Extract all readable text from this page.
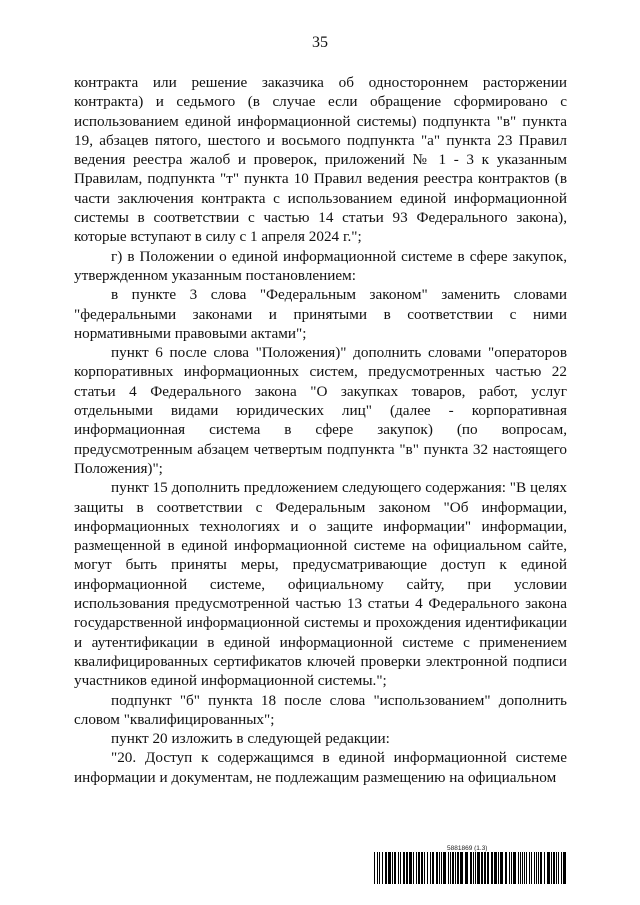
35

контракта или решение заказчика об одностороннем расторжении контракта) и седьмого (в случае если обращение сформировано с использованием единой информационной системы) подпункта "в" пункта 19, абзацев пятого, шестого и восьмого подпункта "а" пункта 23 Правил ведения реестра жалоб и проверок, приложений № 1 - 3 к указанным Правилам, подпункта "т" пункта 10 Правил ведения реестра контрактов (в части заключения контракта с использованием единой информационной системы в соответствии с частью 14 статьи 93 Федерального закона), которые вступают в силу с 1 апреля 2024 г.";

г) в Положении о единой информационной системе в сфере закупок, утвержденном указанным постановлением:

в пункте 3 слова "Федеральным законом" заменить словами "федеральными законами и принятыми в соответствии с ними нормативными правовыми актами";

пункт 6 после слова "Положения)" дополнить словами "операторов корпоративных информационных систем, предусмотренных частью 22 статьи 4 Федерального закона "О закупках товаров, работ, услуг отдельными видами юридических лиц" (далее - корпоративная информационная система в сфере закупок) (по вопросам, предусмотренным абзацем четвертым подпункта "в" пункта 32 настоящего Положения)";

пункт 15 дополнить предложением следующего содержания: "В целях защиты в соответствии с Федеральным законом "Об информации, информационных технологиях и о защите информации" информации, размещенной в единой информационной системе на официальном сайте, могут быть приняты меры, предусматривающие доступ к единой информационной системе, официальному сайту, при условии использования предусмотренной частью 13 статьи 4 Федерального закона государственной информационной системы и прохождения идентификации и аутентификации в единой информационной системе с применением квалифицированных сертификатов ключей проверки электронной подписи участников единой информационной системы.";

подпункт "б" пункта 18 после слова "использованием" дополнить словом "квалифицированных";

пункт 20 изложить в следующей редакции:

"20. Доступ к содержащимся в единой информационной системе информации и документам, не подлежащим размещению на официальном

5881869 (1.3)
